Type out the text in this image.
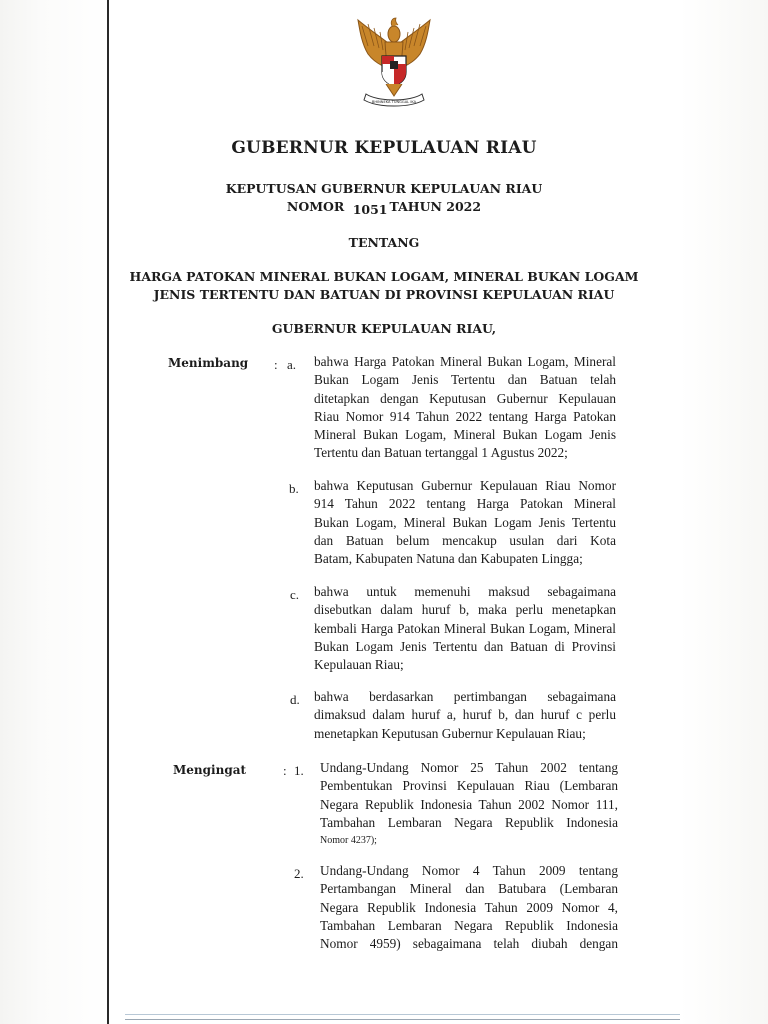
BHINNEKA TUNGGAL IKA
GUBERNUR KEPULAUAN RIAU
KEPUTUSAN GUBERNUR KEPULAUAN RIAU
NOMOR 1051 TAHUN 2022
TENTANG
HARGA PATOKAN MINERAL BUKAN LOGAM, MINERAL BUKAN LOGAM
JENIS TERTENTU DAN BATUAN DI PROVINSI KEPULAUAN RIAU
GUBERNUR KEPULAUAN RIAU,
Menimbang : a. bahwa Harga Patokan Mineral Bukan Logam, Mineral
Bukan Logam Jenis Tertentu dan Batuan telah
ditetapkan dengan Keputusan Gubernur Kepulauan
Riau Nomor 914 Tahun 2022 tentang Harga Patokan
Mineral Bukan Logam, Mineral Bukan Logam Jenis
Tertentu dan Batuan tertanggal 1 Agustus 2022;
b. bahwa Keputusan Gubernur Kepulauan Riau Nomor
914 Tahun 2022 tentang Harga Patokan Mineral
Bukan Logam, Mineral Bukan Logam Jenis Tertentu
dan Batuan belum mencakup usulan dari Kota
Batam, Kabupaten Natuna dan Kabupaten Lingga;
c. bahwa untuk memenuhi maksud sebagaimana
disebutkan dalam huruf b, maka perlu menetapkan
kembali Harga Patokan Mineral Bukan Logam, Mineral
Bukan Logam Jenis Tertentu dan Batuan di Provinsi
Kepulauan Riau;
d. bahwa berdasarkan pertimbangan sebagaimana
dimaksud dalam huruf a, huruf b, dan huruf c perlu
menetapkan Keputusan Gubernur Kepulauan Riau;
Mengingat	: 1. Undang-Undang Nomor 25 Tahun 2002 tentang
Pembentukan Provinsi Kepulauan Riau (Lembaran
Negara Republik Indonesia Tahun 2002 Nomor 111,
Tambahan Lembaran Negara Republik Indonesia
Nomor 4237);
2. Undang-Undang Nomor 4 Tahun 2009 tentang
Pertambangan Mineral dan Batubara (Lembaran
Negara Republik Indonesia Tahun 2009 Nomor 4,
Tambahan Lembaran Negara Republik Indonesia
Nomor 4959) sebagaimana telah diubah dengan
